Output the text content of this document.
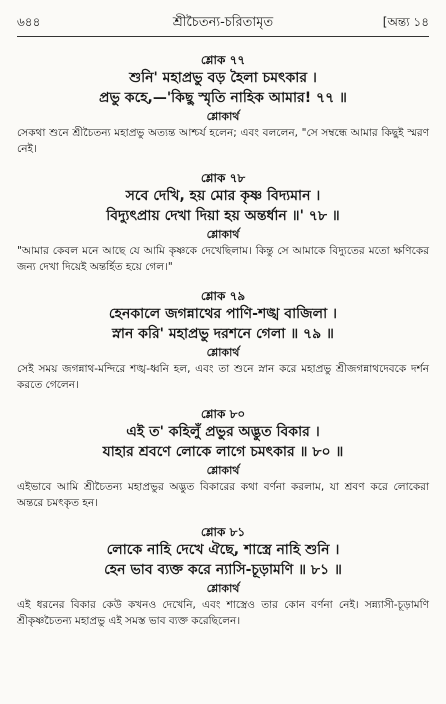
৬৪৪	শ্রীচৈতন্য-চরিতামৃত	[অন্ত্য ১৪

শ্লোক ৭৭

শুনি' মহাপ্রভু বড় হৈলা চমৎকার ।

প্রভু কহে,—'কিছু স্মৃতি নাহিক আমার! ৭৭ ॥

শ্লোকার্থ

সেকথা শুনে শ্রীচৈতন্য মহাপ্রভু অত্যন্ত আশ্চর্য হলেন; এবং বললেন, "সে সম্বন্ধে আমার কিছুই স্মরণ নেই।

শ্লোক ৭৮

সবে দেখি, হয় মোর কৃষ্ণ বিদ্যমান ।

বিদ্যুৎপ্রায় দেখা দিয়া হয় অন্তর্ধান ॥' ৭৮ ॥

শ্লোকার্থ

"আমার কেবল মনে আছে যে আমি কৃষ্ণকে দেখেছিলাম। কিন্তু সে আমাকে বিদ্যুতের মতো ক্ষণিকের জন্য দেখা দিয়েই অন্তর্হিত হয়ে গেল।"

শ্লোক ৭৯

হেনকালে জগন্নাথের পাণি-শঙ্খ বাজিলা ।

স্নান করি' মহাপ্রভু দরশনে গেলা ॥ ৭৯ ॥

শ্লোকার্থ

সেই সময় জগন্নাথ-মন্দিরে শঙ্খ-ধ্বনি হল, এবং তা শুনে স্নান করে মহাপ্রভু শ্রীজগন্নাথদেবকে দর্শন করতে গেলেন।

শ্লোক ৮০

এই ত' কহিলুঁ প্রভুর অদ্ভুত বিকার ।

যাহার শ্রবণে লোকে লাগে চমৎকার ॥ ৮০ ॥

শ্লোকার্থ

এইভাবে আমি শ্রীচৈতন্য মহাপ্রভুর অদ্ভুত বিকারের কথা বর্ণনা করলাম, যা শ্রবণ করে লোকেরা অন্তরে চমৎকৃত হন।

শ্লোক ৮১

লোকে নাহি দেখে ঐছে, শাস্ত্রে নাহি শুনি ।

হেন ভাব ব্যক্ত করে ন্যাসি-চূড়ামণি ॥ ৮১ ॥

শ্লোকার্থ

এই ধরনের বিকার কেউ কখনও দেখেনি, এবং শাস্ত্রেও তার কোন বর্ণনা নেই। সন্ন্যাসী-চূড়ামণি শ্রীকৃষ্ণচৈতন্য মহাপ্রভু এই সমস্ত ভাব ব্যক্ত করেছিলেন।
